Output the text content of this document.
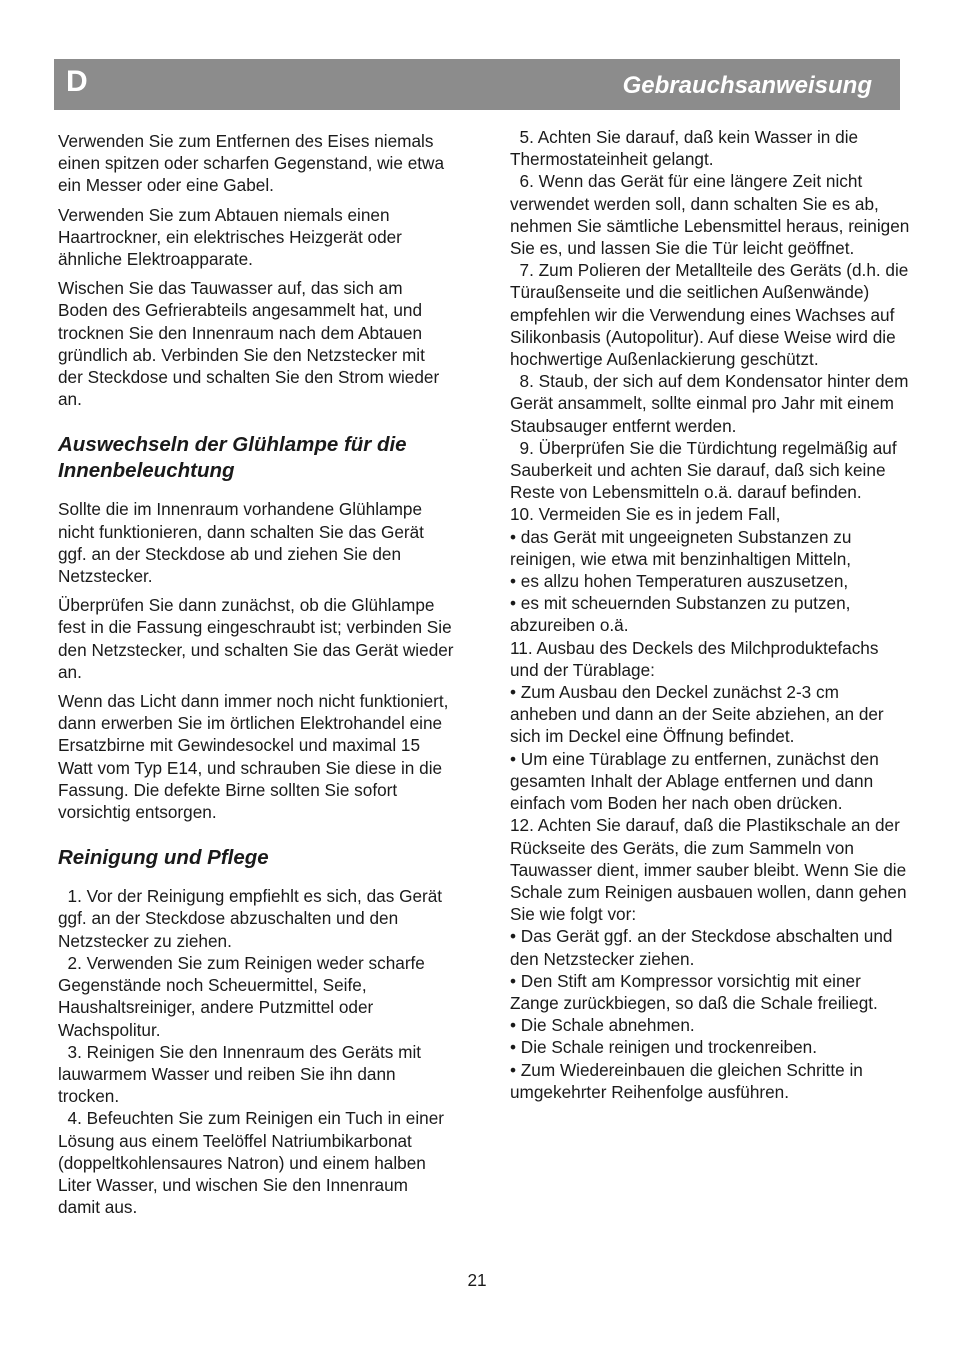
D	Gebrauchsanweisung

Verwenden Sie zum Entfernen des Eises niemals einen spitzen oder scharfen Gegenstand, wie etwa ein Messer oder eine Gabel.

Verwenden Sie zum Abtauen niemals einen Haartrockner, ein elektrisches Heizgerät oder ähnliche Elektroapparate.

Wischen Sie das Tauwasser auf, das sich am Boden des Gefrierabteils angesammelt hat, und trocknen Sie den Innenraum nach dem Abtauen gründlich ab. Verbinden Sie den Netzstecker mit der Steckdose und schalten Sie den Strom wieder an.

Auswechseln der Glühlampe für die Innenbeleuchtung

Sollte die im Innenraum vorhandene Glühlampe nicht funktionieren, dann schalten Sie das Gerät ggf. an der Steckdose ab und ziehen Sie den Netzstecker.

Überprüfen Sie dann zunächst, ob die Glühlampe fest in die Fassung eingeschraubt ist; verbinden Sie den Netzstecker, und schalten Sie das Gerät wieder an.

Wenn das Licht dann immer noch nicht funktioniert, dann erwerben Sie im örtlichen Elektrohandel eine Ersatzbirne mit Gewindesockel und maximal 15 Watt vom Typ E14, und schrauben Sie diese in die Fassung. Die defekte Birne sollten Sie sofort vorsichtig entsorgen.

Reinigung und Pflege

1. Vor der Reinigung empfiehlt es sich, das Gerät ggf. an der Steckdose abzuschalten und den Netzstecker zu ziehen.

2. Verwenden Sie zum Reinigen weder scharfe Gegenstände noch Scheuermittel, Seife, Haushaltsreiniger, andere Putzmittel oder Wachspolitur.

3. Reinigen Sie den Innenraum des Geräts mit lauwarmem Wasser und reiben Sie ihn dann trocken.

4. Befeuchten Sie zum Reinigen ein Tuch in einer Lösung aus einem Teelöffel Natriumbikarbonat (doppeltkohlensaures Natron) und einem halben Liter Wasser, und wischen Sie den Innenraum damit aus.

5. Achten Sie darauf, daß kein Wasser in die Thermostateinheit gelangt.

6. Wenn das Gerät für eine längere Zeit nicht verwendet werden soll, dann schalten Sie es ab, nehmen Sie sämtliche Lebensmittel heraus, reinigen Sie es, und lassen Sie die Tür leicht geöffnet.

7. Zum Polieren der Metallteile des Geräts (d.h. die Türaußenseite und die seitlichen Außenwände) empfehlen wir die Verwendung eines Wachses auf Silikonbasis (Autopolitur). Auf diese Weise wird die hochwertige Außenlackierung geschützt.

8. Staub, der sich auf dem Kondensator hinter dem Gerät ansammelt, sollte einmal pro Jahr mit einem Staubsauger entfernt werden.

9. Überprüfen Sie die Türdichtung regelmäßig auf Sauberkeit und achten Sie darauf, daß sich keine Reste von Lebensmitteln o.ä. darauf befinden.

10. Vermeiden Sie es in jedem Fall,

• das Gerät mit ungeeigneten Substanzen zu reinigen, wie etwa mit benzinhaltigen Mitteln,

• es allzu hohen Temperaturen auszusetzen,

• es mit scheuernden Substanzen zu putzen, abzureiben o.ä.

11. Ausbau des Deckels des Milchproduktefachs und der Türablage:

• Zum Ausbau den Deckel zunächst 2-3 cm anheben und dann an der Seite abziehen, an der sich im Deckel eine Öffnung befindet.

• Um eine Türablage zu entfernen, zunächst den gesamten Inhalt der Ablage entfernen und dann einfach vom Boden her nach oben drücken.

12. Achten Sie darauf, daß die Plastikschale an der Rückseite des Geräts, die zum Sammeln von Tauwasser dient, immer sauber bleibt. Wenn Sie die Schale zum Reinigen ausbauen wollen, dann gehen Sie wie folgt vor:

• Das Gerät ggf. an der Steckdose abschalten und den Netzstecker ziehen.

• Den Stift am Kompressor vorsichtig mit einer Zange zurückbiegen, so daß die Schale freiliegt.

• Die Schale abnehmen.

• Die Schale reinigen und trockenreiben.

• Zum Wiedereinbauen die gleichen Schritte in umgekehrter Reihenfolge ausführen.

21
